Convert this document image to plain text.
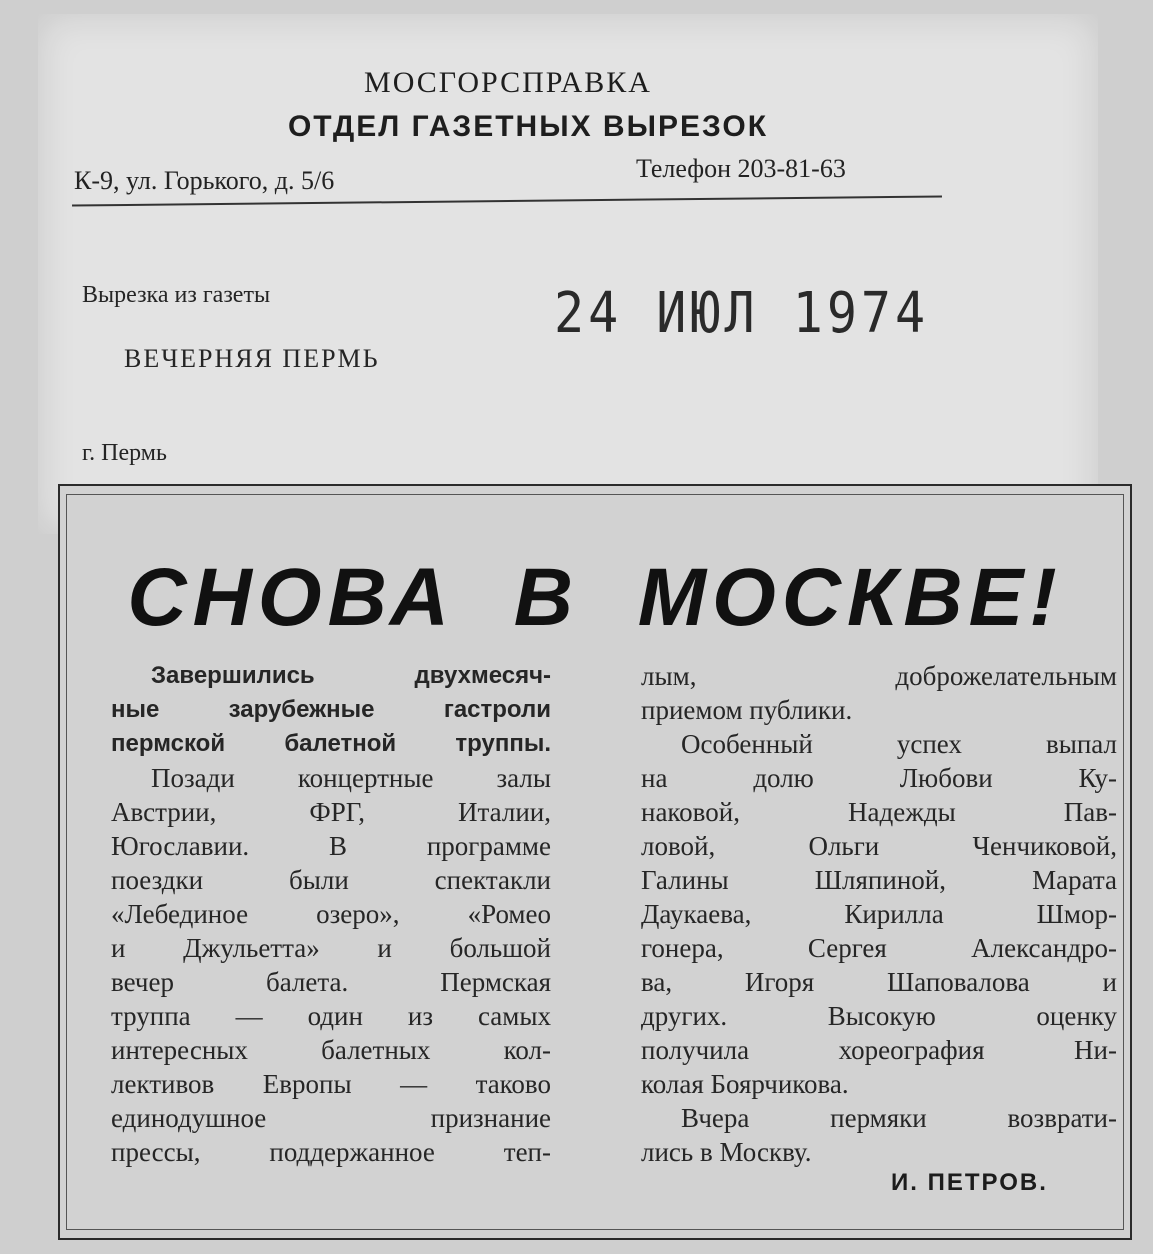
МОСГОРСПРАВКА
ОТДЕЛ ГАЗЕТНЫХ ВЫРЕЗОК
К-9, ул. Горького, д. 5/6	Телефон 203-81-63
Вырезка из газеты	24 ИЮЛ 1974
ВЕЧЕРНЯЯ ПЕРМЬ
г. Пермь
СНОВА В МОСКВЕ!
Завершились двухмесяч-
ные зарубежные гастроли
пермской балетной труппы.
Позади концертные залы
Австрии, ФРГ, Италии,
Югославии. В программе
поездки были спектакли
«Лебединое озеро», «Ромео
и Джульетта» и большой
вечер балета. Пермская
труппа — один из самых
интересных балетных кол-
лективов Европы — таково
единодушное признание
прессы, поддержанное теп-
лым, доброжелательным
приемом публики.
Особенный успех выпал
на долю Любови Ку-
наковой, Надежды Пав-
ловой, Ольги Ченчиковой,
Галины Шляпиной, Марата
Даукаева, Кирилла Шмор-
гонера, Сергея Александро-
ва, Игоря Шаповалова и
других. Высокую оценку
получила хореография Ни-
колая Боярчикова.
Вчера пермяки возврати-
лись в Москву.
И. ПЕТРОВ.
